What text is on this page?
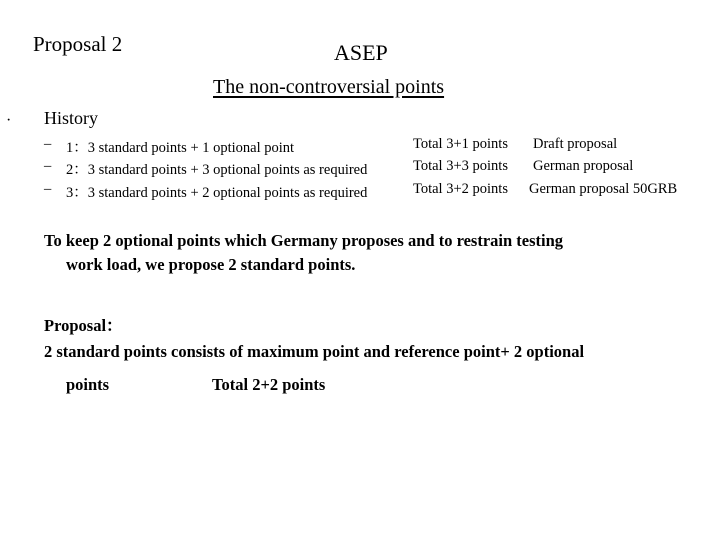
Proposal 2	ASEP
The non-controversial points
· History
– 1：3 standard points + 1 optional point	Total 3+1 points Draft proposal
– 2：3 standard points + 3 optional points as required	Total 3+3 points German proposal
– 3：3 standard points + 2 optional points as required	Total 3+2 points German proposal 50GRB
To keep 2 optional points which Germany proposes and to restrain testing
work load, we propose 2 standard points.
Proposal：
2 standard points consists of maximum point and reference point+ 2 optional
points	Total 2+2 points
